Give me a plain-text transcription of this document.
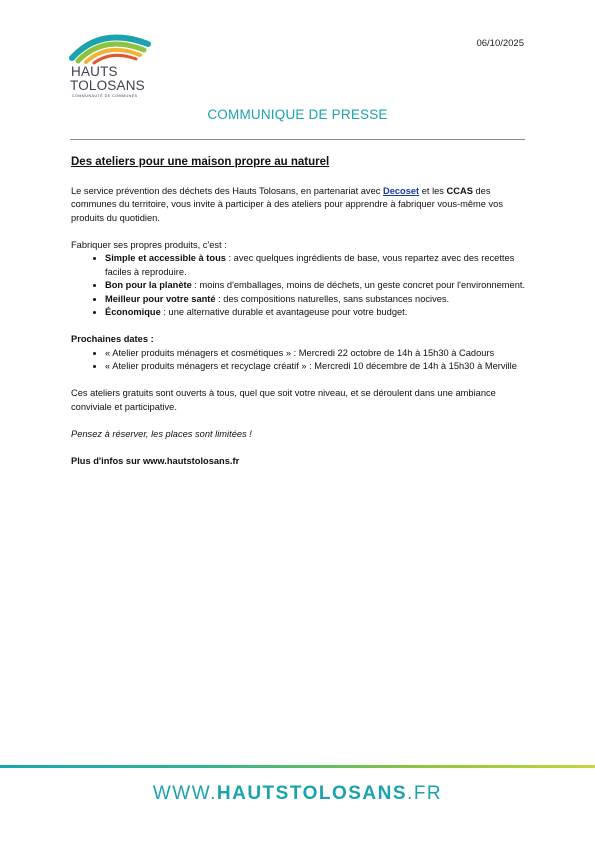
HAUTS
TOLOSANS
COMMUNAUTÉ DE COMMUNES
06/10/2025
COMMUNIQUE DE PRESSE
Des ateliers pour une maison propre au naturel

Le service prévention des déchets des Hauts Tolosans, en partenariat avec Decoset et les CCAS des communes du territoire, vous invite à participer à des ateliers pour apprendre à fabriquer vous-même vos produits du quotidien.

Fabriquer ses propres produits, c'est :
• Simple et accessible à tous : avec quelques ingrédients de base, vous repartez avec des recettes faciles à reproduire.
• Bon pour la planète : moins d'emballages, moins de déchets, un geste concret pour l'environnement.
• Meilleur pour votre santé : des compositions naturelles, sans substances nocives.
• Économique : une alternative durable et avantageuse pour votre budget.
Prochaines dates :
• « Atelier produits ménagers et cosmétiques » : Mercredi 22 octobre de 14h à 15h30 à Cadours
• « Atelier produits ménagers et recyclage créatif » : Mercredi 10 décembre de 14h à 15h30 à Merville

Ces ateliers gratuits sont ouverts à tous, quel que soit votre niveau, et se déroulent dans une ambiance conviviale et participative.

Pensez à réserver, les places sont limitées !

Plus d'infos sur www.hautstolosans.fr

WWW.HAUTSTOLOSANS.FR
